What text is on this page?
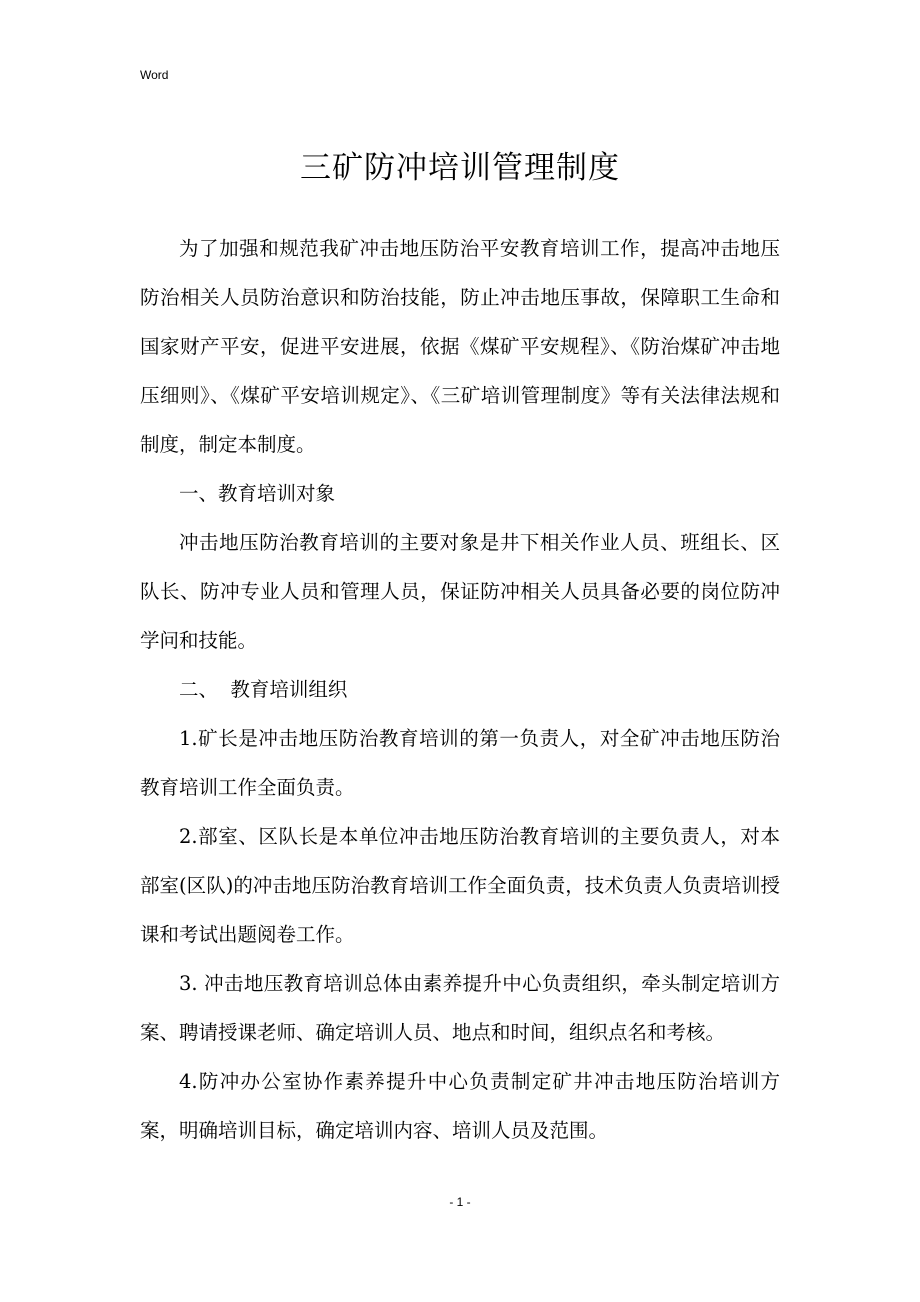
Word
三矿防冲培训管理制度

为了加强和规范我矿冲击地压防治平安教育培训工作，提高冲击地压防治相关人员防治意识和防治技能，防止冲击地压事故，保障职工生命和国家财产平安，促进平安进展，依据《煤矿平安规程》、《防治煤矿冲击地压细则》、《煤矿平安培训规定》、《三矿培训管理制度》等有关法律法规和制度，制定本制度。

一、教育培训对象

冲击地压防治教育培训的主要对象是井下相关作业人员、班组长、区队长、防冲专业人员和管理人员，保证防冲相关人员具备必要的岗位防冲学问和技能。

二、  教育培训组织

1.矿长是冲击地压防治教育培训的第一负责人，对全矿冲击地压防治教育培训工作全面负责。

2.部室、区队长是本单位冲击地压防治教育培训的主要负责人，对本部室(区队)的冲击地压防治教育培训工作全面负责，技术负责人负责培训授课和考试出题阅卷工作。

3. 冲击地压教育培训总体由素养提升中心负责组织，牵头制定培训方案、聘请授课老师、确定培训人员、地点和时间，组织点名和考核。

4.防冲办公室协作素养提升中心负责制定矿井冲击地压防治培训方案，明确培训目标，确定培训内容、培训人员及范围。

- 1 -
